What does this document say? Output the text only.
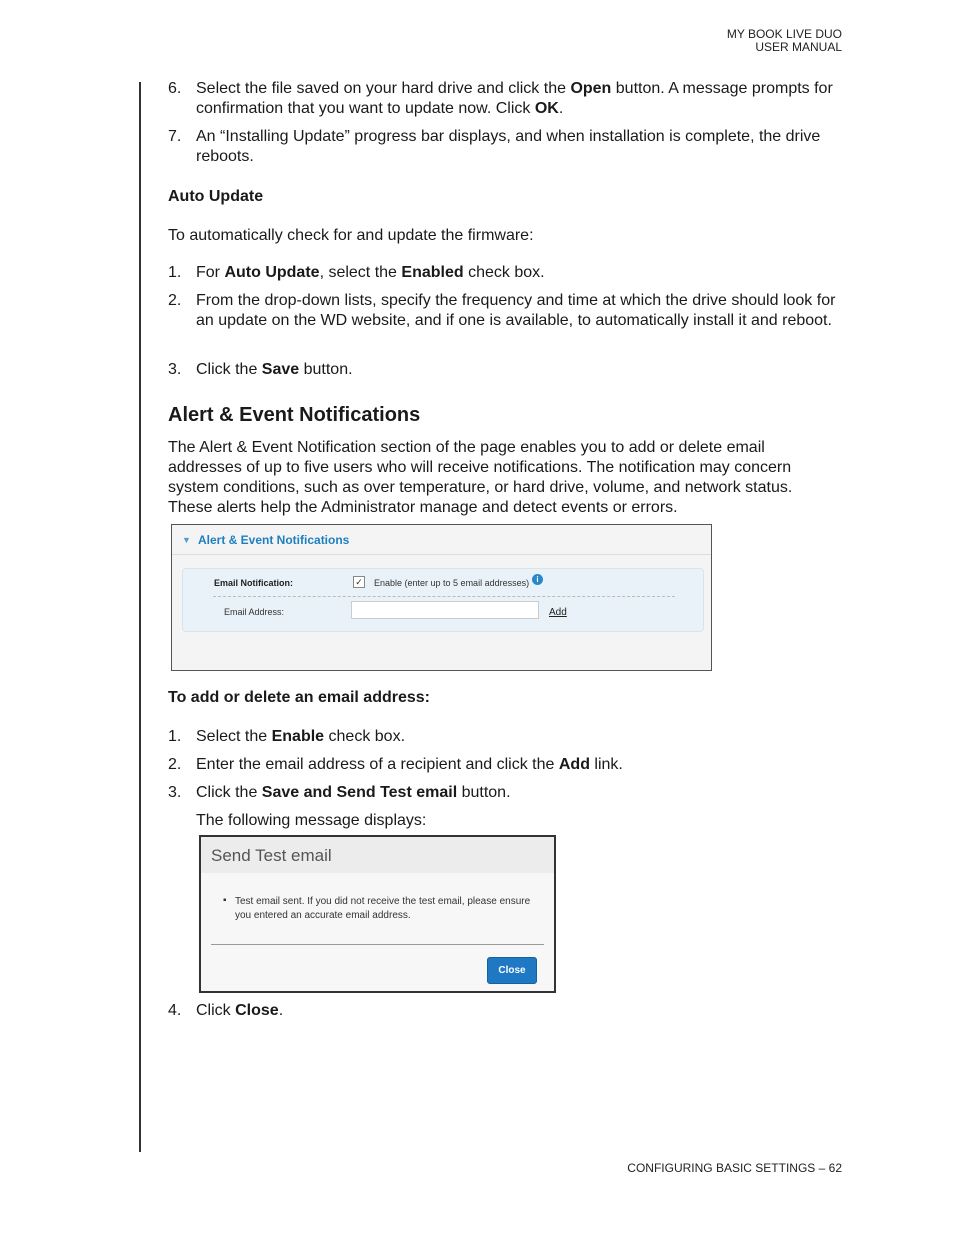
MY BOOK LIVE DUO
USER MANUAL
6. Select the file saved on your hard drive and click the Open button. A message prompts for confirmation that you want to update now. Click OK.
7. An “Installing Update” progress bar displays, and when installation is complete, the drive reboots.
Auto Update
To automatically check for and update the firmware:
1. For Auto Update, select the Enabled check box.
2. From the drop-down lists, specify the frequency and time at which the drive should look for an update on the WD website, and if one is available, to automatically install it and reboot.
3. Click the Save button.
Alert & Event Notifications
The Alert & Event Notification section of the page enables you to add or delete email addresses of up to five users who will receive notifications. The notification may concern system conditions, such as over temperature, or hard drive, volume, and network status. These alerts help the Administrator manage and detect events or errors.
▼ Alert & Event Notifications
Email Notification:	✓ Enable (enter up to 5 email addresses) i
Email Address:	Add
To add or delete an email address:
1. Select the Enable check box.
2. Enter the email address of a recipient and click the Add link.
3. Click the Save and Send Test email button.
The following message displays:
Send Test email
▪ Test email sent. If you did not receive the test email, please ensure you entered an accurate email address.
Close
4. Click Close.
CONFIGURING BASIC SETTINGS – 62
